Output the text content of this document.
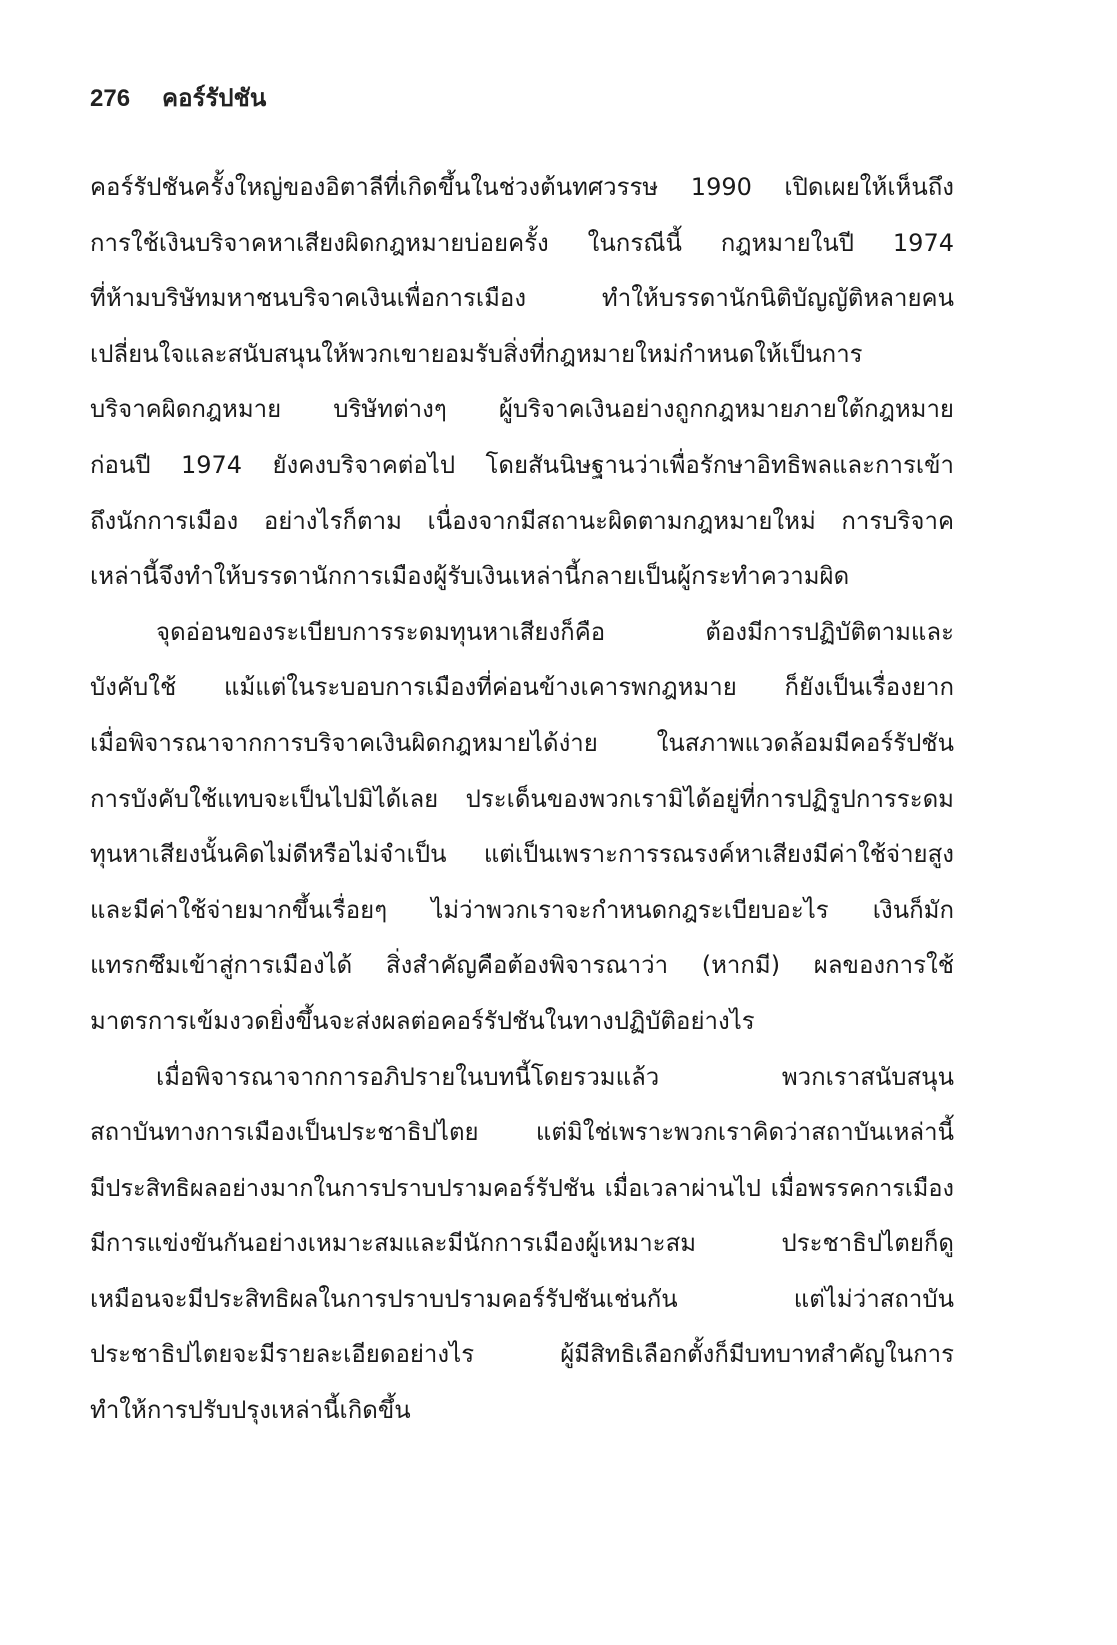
276 คอร์รัปชัน
คอร์รัปชันครั้งใหญ่ของอิตาลีที่เกิดขึ้นในช่วงต้นทศวรรษ 1990 เปิดเผยให้เห็นถึง
การใช้เงินบริจาคหาเสียงผิดกฎหมายบ่อยครั้ง ในกรณีนี้ กฎหมายในปี 1974
ที่ห้ามบริษัทมหาชนบริจาคเงินเพื่อการเมือง ทำให้บรรดานักนิติบัญญัติหลายคน
เปลี่ยนใจและสนับสนุนให้พวกเขายอมรับสิ่งที่กฎหมายใหม่กำหนดให้เป็นการ
บริจาคผิดกฎหมาย บริษัทต่างๆ ผู้บริจาคเงินอย่างถูกกฎหมายภายใต้กฎหมาย
ก่อนปี 1974 ยังคงบริจาคต่อไป โดยสันนิษฐานว่าเพื่อรักษาอิทธิพลและการเข้า
ถึงนักการเมือง อย่างไรก็ตาม เนื่องจากมีสถานะผิดตามกฎหมายใหม่ การบริจาค
เหล่านี้จึงทำให้บรรดานักการเมืองผู้รับเงินเหล่านี้กลายเป็นผู้กระทำความผิด
จุดอ่อนของระเบียบการระดมทุนหาเสียงก็คือ ต้องมีการปฏิบัติตามและ
บังคับใช้ แม้แต่ในระบอบการเมืองที่ค่อนข้างเคารพกฎหมาย ก็ยังเป็นเรื่องยาก
เมื่อพิจารณาจากการบริจาคเงินผิดกฎหมายได้ง่าย ในสภาพแวดล้อมมีคอร์รัปชัน
การบังคับใช้แทบจะเป็นไปมิได้เลย ประเด็นของพวกเรามิได้อยู่ที่การปฏิรูปการระดม
ทุนหาเสียงนั้นคิดไม่ดีหรือไม่จำเป็น แต่เป็นเพราะการรณรงค์หาเสียงมีค่าใช้จ่ายสูง
และมีค่าใช้จ่ายมากขึ้นเรื่อยๆ ไม่ว่าพวกเราจะกำหนดกฎระเบียบอะไร เงินก็มัก
แทรกซึมเข้าสู่การเมืองได้ สิ่งสำคัญคือต้องพิจารณาว่า (หากมี) ผลของการใช้
มาตรการเข้มงวดยิ่งขึ้นจะส่งผลต่อคอร์รัปชันในทางปฏิบัติอย่างไร
เมื่อพิจารณาจากการอภิปรายในบทนี้โดยรวมแล้ว พวกเราสนับสนุน
สถาบันทางการเมืองเป็นประชาธิปไตย แต่มิใช่เพราะพวกเราคิดว่าสถาบันเหล่านี้
มีประสิทธิผลอย่างมากในการปราบปรามคอร์รัปชัน เมื่อเวลาผ่านไป เมื่อพรรคการเมือง
มีการแข่งขันกันอย่างเหมาะสมและมีนักการเมืองผู้เหมาะสม ประชาธิปไตยก็ดู
เหมือนจะมีประสิทธิผลในการปราบปรามคอร์รัปชันเช่นกัน แต่ไม่ว่าสถาบัน
ประชาธิปไตยจะมีรายละเอียดอย่างไร ผู้มีสิทธิเลือกตั้งก็มีบทบาทสำคัญในการ
ทำให้การปรับปรุงเหล่านี้เกิดขึ้น
